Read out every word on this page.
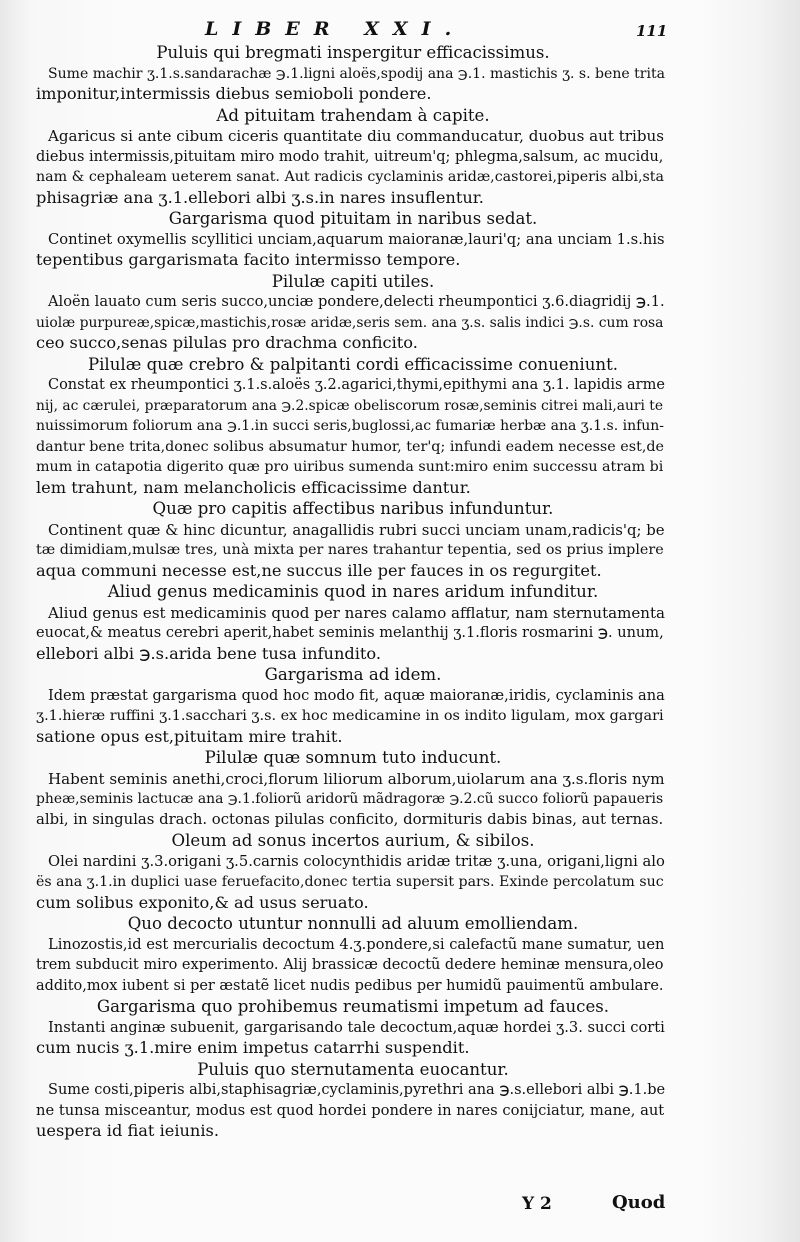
LIBER XXI.	111
Puluis qui bregmati inspergitur efficacissimus.
Sume machir ʒ.1.s.sandarachæ ℈.1.ligni aloës,spodij ana ℈.1. mastichis ʒ. s. bene trita
imponitur,intermissis diebus semioboli pondere.
Ad pituitam trahendam à capite.
Agaricus si ante cibum ciceris quantitate diu commanducatur, duobus aut tribus
diebus intermissis,pituitam miro modo trahit, uitreum'q; phlegma,salsum, ac mucidu,
nam & cephaleam ueterem sanat. Aut radicis cyclaminis aridæ,castorei,piperis albi,sta
phisagriæ ana ʒ.1.ellebori albi ʒ.s.in nares insuflentur.
Gargarisma quod pituitam in naribus sedat.
Continet oxymellis scyllitici unciam,aquarum maioranæ,lauri'q; ana unciam 1.s.his
tepentibus gargarismata facito intermisso tempore.
Pilulæ capiti utiles.
Aloën lauato cum seris succo,unciæ pondere,delecti rheumpontici ʒ.6.diagridij ℈.1.
uiolæ purpureæ,spicæ,mastichis,rosæ aridæ,seris sem. ana ʒ.s. salis indici ℈.s. cum rosa
ceo succo,senas pilulas pro drachma conficito.
Pilulæ quæ crebro & palpitanti cordi efficacissime conueniunt.
Constat ex rheumpontici ʒ.1.s.aloës ʒ.2.agarici,thymi,epithymi ana ʒ.1. lapidis arme
nij, ac cærulei, præparatorum ana ℈.2.spicæ obeliscorum rosæ,seminis citrei mali,auri te
nuissimorum foliorum ana ℈.1.in succi seris,buglossi,ac fumariæ herbæ ana ʒ.1.s. infun-
dantur bene trita,donec solibus absumatur humor, ter'q; infundi eadem necesse est,de
mum in catapotia digerito quæ pro uiribus sumenda sunt:miro enim successu atram bi
lem trahunt, nam melancholicis efficacissime dantur.
Quæ pro capitis affectibus naribus infunduntur.
Continent quæ & hinc dicuntur, anagallidis rubri succi unciam unam,radicis'q; be
tæ dimidiam,mulsæ tres, unà mixta per nares trahantur tepentia, sed os prius implere
aqua communi necesse est,ne succus ille per fauces in os regurgitet.
Aliud genus medicaminis quod in nares aridum infunditur.
Aliud genus est medicaminis quod per nares calamo afflatur, nam sternutamenta
euocat,& meatus cerebri aperit,habet seminis melanthij ʒ.1.floris rosmarini ℈. unum,
ellebori albi ℈.s.arida bene tusa infundito.
Gargarisma ad idem.
Idem præstat gargarisma quod hoc modo fit, aquæ maioranæ,iridis, cyclaminis ana
ʒ.1.hieræ ruffini ʒ.1.sacchari ʒ.s. ex hoc medicamine in os indito ligulam, mox gargari
satione opus est,pituitam mire trahit.
Pilulæ quæ somnum tuto inducunt.
Habent seminis anethi,croci,florum liliorum alborum,uiolarum ana ʒ.s.floris nym
pheæ,seminis lactucæ ana ℈.1.foliorũ aridorũ mãdragoræ ℈.2.cũ succo foliorũ papaueris
albi, in singulas drach. octonas pilulas conficito, dormituris dabis binas, aut ternas.
Oleum ad sonus incertos aurium, & sibilos.
Olei nardini ʒ.3.origani ʒ.5.carnis colocynthidis aridæ tritæ ʒ.una, origani,ligni alo
ës ana ʒ.1.in duplici uase feruefacito,donec tertia supersit pars. Exinde percolatum suc
cum solibus exponito,& ad usus seruato.
Quo decocto utuntur nonnulli ad aluum emolliendam.
Linozostis,id est mercurialis decoctum 4.ʒ.pondere,si calefactũ mane sumatur, uen
trem subducit miro experimento. Alij brassicæ decoctũ dedere heminæ mensura,oleo
addito,mox iubent si per æstatẽ licet nudis pedibus per humidũ pauimentũ ambulare.
Gargarisma quo prohibemus reumatismi impetum ad fauces.
Instanti anginæ subuenit, gargarisando tale decoctum,aquæ hordei ʒ.3. succi corti
cum nucis ʒ.1.mire enim impetus catarrhi suspendit.
Puluis quo sternutamenta euocantur.
Sume costi,piperis albi,staphisagriæ,cyclaminis,pyrethri ana ℈.s.ellebori albi ℈.1.be
ne tunsa misceantur, modus est quod hordei pondere in nares conijciatur, mane, aut
uespera id fiat ieiunis.
Y 2	Quod
